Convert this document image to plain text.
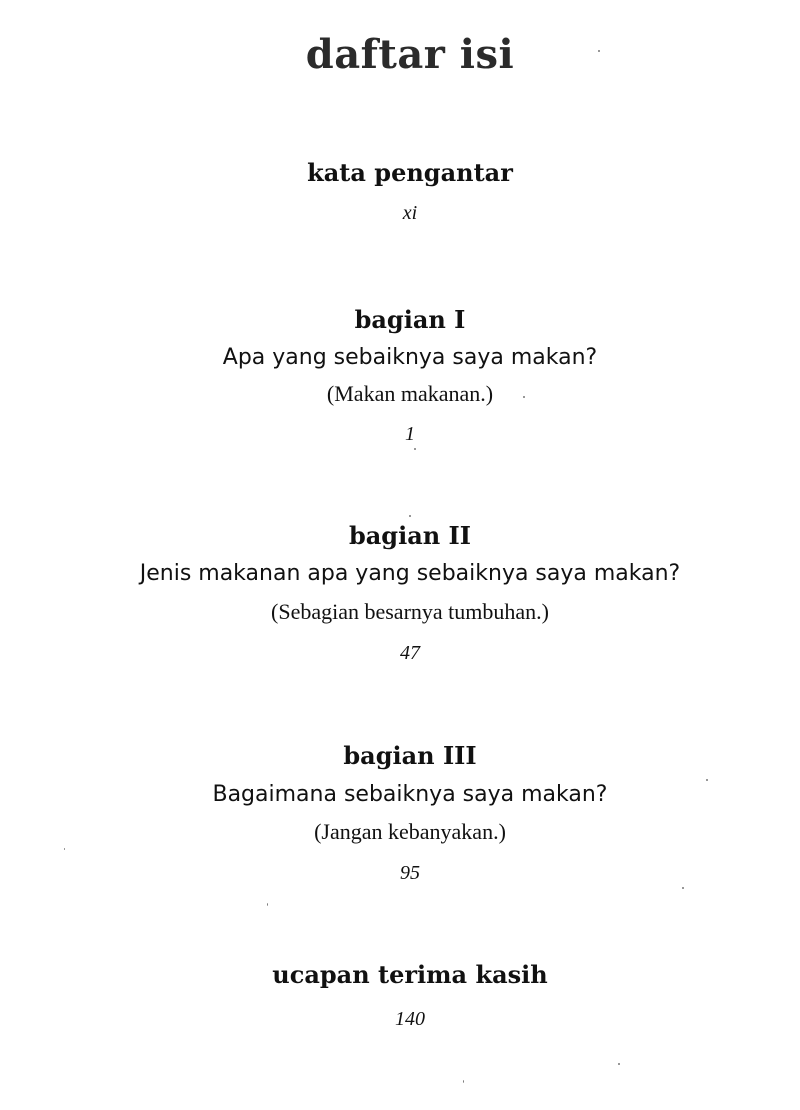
daftar isi
kata pengantar
xi
bagian I
Apa yang sebaiknya saya makan?
(Makan makanan.)
1
bagian II
Jenis makanan apa yang sebaiknya saya makan?
(Sebagian besarnya tumbuhan.)
47
bagian III
Bagaimana sebaiknya saya makan?
(Jangan kebanyakan.)
95
ucapan terima kasih
140
